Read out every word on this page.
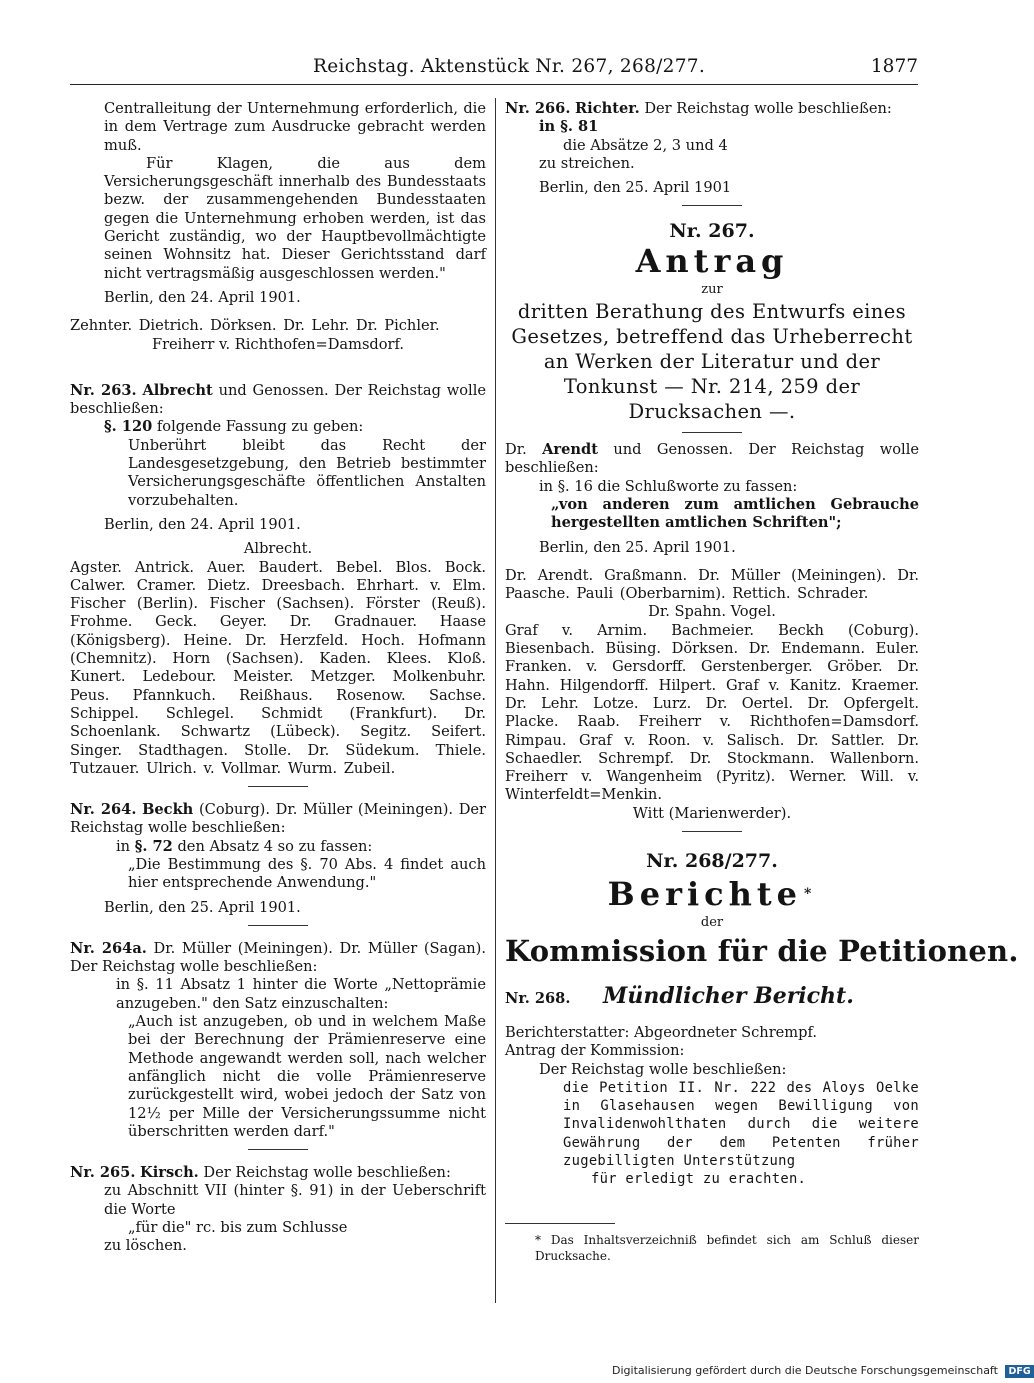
Reichstag. Aktenstück Nr. 267, 268/277.	1877

Centralleitung der Unternehmung erforderlich, die in dem Vertrage zum Ausdrucke gebracht werden muß.

Für Klagen, die aus dem Versicherungsgeschäft innerhalb des Bundesstaats bezw. der zusammengehenden Bundesstaaten gegen die Unternehmung erhoben werden, ist das Gericht zuständig, wo der Hauptbevollmächtigte seinen Wohnsitz hat. Dieser Gerichtsstand darf nicht vertragsmäßig ausgeschlossen werden."

Berlin, den 24. April 1901.

Zehnter. Dietrich. Dörksen. Dr. Lehr. Dr. Pichler.

Freiherr v. Richthofen=Damsdorf.

Nr. 263. Albrecht und Genossen. Der Reichstag wolle beschließen:

§. 120 folgende Fassung zu geben:

Unberührt bleibt das Recht der Landesgesetzgebung, den Betrieb bestimmter Versicherungsgeschäfte öffentlichen Anstalten vorzubehalten.

Berlin, den 24. April 1901.

Albrecht.

Agster. Antrick. Auer. Baudert. Bebel. Blos. Bock. Calwer. Cramer. Dietz. Dreesbach. Ehrhart. v. Elm. Fischer (Berlin). Fischer (Sachsen). Förster (Reuß). Frohme. Geck. Geyer. Dr. Gradnauer. Haase (Königsberg). Heine. Dr. Herzfeld. Hoch. Hofmann (Chemnitz). Horn (Sachsen). Kaden. Klees. Kloß. Kunert. Ledebour. Meister. Metzger. Molkenbuhr. Peus. Pfannkuch. Reißhaus. Rosenow. Sachse. Schippel. Schlegel. Schmidt (Frankfurt). Dr. Schoenlank. Schwartz (Lübeck). Segitz. Seifert. Singer. Stadthagen. Stolle. Dr. Südekum. Thiele. Tutzauer. Ulrich. v. Vollmar. Wurm. Zubeil.

Nr. 264. Beckh (Coburg). Dr. Müller (Meiningen). Der Reichstag wolle beschließen:

in §. 72 den Absatz 4 so zu fassen:

„Die Bestimmung des §. 70 Abs. 4 findet auch hier entsprechende Anwendung."

Berlin, den 25. April 1901.

Nr. 264a. Dr. Müller (Meiningen). Dr. Müller (Sagan). Der Reichstag wolle beschließen:

in §. 11 Absatz 1 hinter die Worte „Nettoprämie anzugeben." den Satz einzuschalten:

„Auch ist anzugeben, ob und in welchem Maße bei der Berechnung der Prämienreserve eine Methode angewandt werden soll, nach welcher anfänglich nicht die volle Prämienreserve zurückgestellt wird, wobei jedoch der Satz von 12½ per Mille der Versicherungssumme nicht überschritten werden darf."

Nr. 265. Kirsch. Der Reichstag wolle beschließen:

zu Abschnitt VII (hinter §. 91) in der Ueberschrift die Worte

„für die" rc. bis zum Schlusse

zu löschen.

Nr. 266. Richter. Der Reichstag wolle beschließen:

in §. 81

die Absätze 2, 3 und 4

zu streichen.

Berlin, den 25. April 1901

Nr. 267.

Antrag

zur

dritten Berathung des Entwurfs eines Gesetzes, betreffend das Urheberrecht an Werken der Literatur und der Tonkunst — Nr. 214, 259 der Drucksachen —.

Dr. Arendt und Genossen. Der Reichstag wolle beschließen:

in §. 16 die Schlußworte zu fassen:

„von anderen zum amtlichen Gebrauche hergestellten amtlichen Schriften";

Berlin, den 25. April 1901.

Dr. Arendt. Graßmann. Dr. Müller (Meiningen). Dr. Paasche. Pauli (Oberbarnim). Rettich. Schrader.

Dr. Spahn. Vogel.

Graf v. Arnim. Bachmeier. Beckh (Coburg). Biesenbach. Büsing. Dörksen. Dr. Endemann. Euler. Franken. v. Gersdorff. Gerstenberger. Gröber. Dr. Hahn. Hilgendorff. Hilpert. Graf v. Kanitz. Kraemer. Dr. Lehr. Lotze. Lurz. Dr. Oertel. Dr. Opfergelt. Placke. Raab. Freiherr v. Richthofen=Damsdorf. Rimpau. Graf v. Roon. v. Salisch. Dr. Sattler. Dr. Schaedler. Schrempf. Dr. Stockmann. Wallenborn. Freiherr v. Wangenheim (Pyritz). Werner. Will. v. Winterfeldt=Menkin.

Witt (Marienwerder).

Nr. 268/277.

Berichte *

der

Kommission für die Petitionen.

Nr. 268. Mündlicher Bericht.

Berichterstatter: Abgeordneter Schrempf.

Antrag der Kommission:

Der Reichstag wolle beschließen:

die Petition II. Nr. 222 des Aloys Oelke in Glasehausen wegen Bewilligung von Invalidenwohlthaten durch die weitere Gewährung der dem Petenten früher zugebilligten Unterstützung

für erledigt zu erachten.

* Das Inhaltsverzeichniß befindet sich am Schluß dieser Drucksache.

Digitalisierung gefördert durch die Deutsche Forschungsgemeinschaft DFG
